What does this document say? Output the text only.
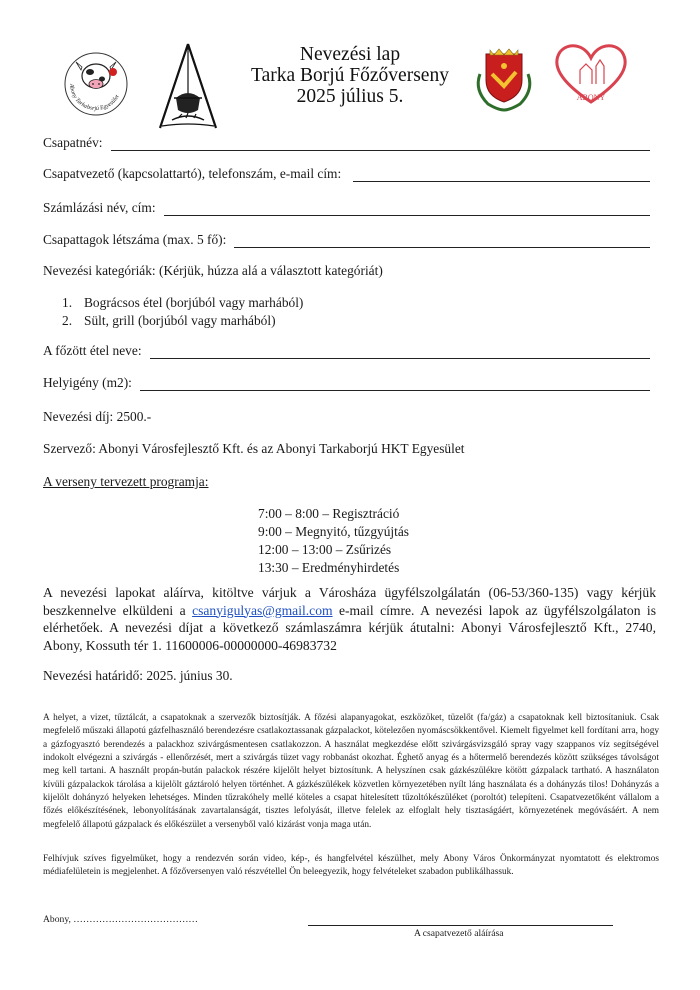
Abony Tarkaborjú Egyesület
Nevezési lap
Tarka Borjú Főzőverseny
2025 július 5.	ABONY
Csapatnév:
Csapatvezető (kapcsolattartó), telefonszám, e-mail cím:
Számlázási név, cím:
Csapattagok létszáma (max. 5 fő):
Nevezési kategóriák: (Kérjük, húzza alá a választott kategóriát)
1. Bográcsos étel (borjúból vagy marhából)
2. Sült, grill (borjúból vagy marhából)
A főzött étel neve:
Helyigény (m2):
Nevezési díj: 2500.-
Szervező: Abonyi Városfejlesztő Kft. és az Abonyi Tarkaborjú HKT Egyesület
A verseny tervezett programja:
7:00 – 8:00 – Regisztráció
9:00 – Megnyitó, tűzgyújtás
12:00 – 13:00 – Zsűrizés
13:30 – Eredményhirdetés
A nevezési lapokat aláírva, kitöltve várjuk a Városháza ügyfélszolgálatán (06-53/360-135) vagy kérjük beszkennelve elküldeni a csanyigulyas@gmail.com e-mail címre. A nevezési lapok az ügyfélszolgálaton is elérhetőek. A nevezési díjat a következő számlaszámra kérjük átutalni: Abonyi Városfejlesztő Kft., 2740, Abony, Kossuth tér 1. 11600006-00000000-46983732
Nevezési határidő: 2025. június 30.
A helyet, a vizet, tűztálcát, a csapatoknak a szervezők biztosítják. A főzési alapanyagokat, eszközöket, tüzelőt (fa/gáz) a csapatoknak kell biztosítaniuk. Csak megfelelő műszaki állapotú gázfelhasználó berendezésre csatlakoztassanak gázpalackot, kötelezően nyomáscsökkentővel. Kiemelt figyelmet kell fordítani arra, hogy a gázfogyasztó berendezés a palackhoz szivárgásmentesen csatlakozzon. A használat megkezdése előtt szivárgásvizsgáló spray vagy szappanos víz segítségével indokolt elvégezni a szivárgás - ellenőrzését, mert a szivárgás tüzet vagy robbanást okozhat. Éghető anyag és a hőtermelő berendezés között szükséges távolságot meg kell tartani. A használt propán-bután palackok részére kijelölt helyet biztosítunk. A helyszínen csak gázkészülékre kötött gázpalack tartható. A használaton kívüli gázpalackok tárolása a kijelölt gáztároló helyen történhet. A gázkészülékek közvetlen környezetében nyílt láng használata és a dohányzás tilos! Dohányzás a kijelölt dohányzó helyeken lehetséges. Minden tűzrakóhely mellé köteles a csapat hitelesített tűzoltókészüléket (poroltót) telepíteni. Csapatvezetőként vállalom a főzés előkészítésének, lebonyolításának zavartalanságát, tisztes lefolyását, illetve felelek az elfoglalt hely tisztaságáért, környezetének megóvásáért. A nem megfelelő állapotú gázpalack és előkészület a versenyből való kizárást vonja maga után.
Felhívjuk szíves figyelmüket, hogy a rendezvén során video, kép-, és hangfelvétel készülhet, mely Abony Város Önkormányzat nyomtatott és elektromos médiafelületein is megjelenhet. A főzőversenyen való részvétellel Ön beleegyezik, hogy felvételeket szabadon publikálhassuk.
Abony, …………………………………
A csapatvezető aláírása
